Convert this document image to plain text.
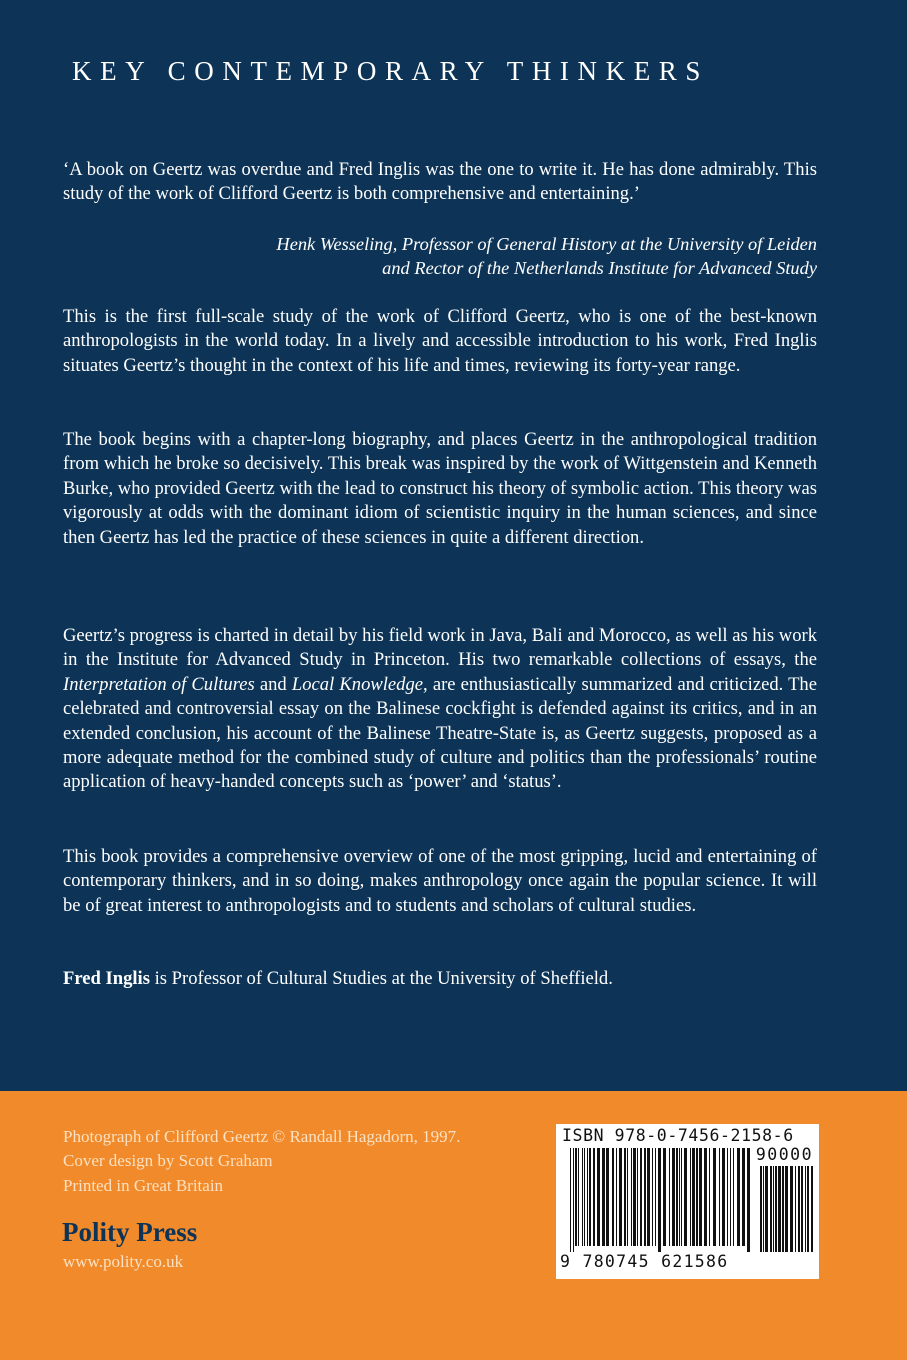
KEY CONTEMPORARY THINKERS
‘A book on Geertz was overdue and Fred Inglis was the one to write it. He has done admirably. This study of the work of Clifford Geertz is both comprehensive and entertaining.’
Henk Wesseling, Professor of General History at the University of Leiden
and Rector of the Netherlands Institute for Advanced Study
This is the first full-scale study of the work of Clifford Geertz, who is one of the best-known anthropologists in the world today. In a lively and accessible introduction to his work, Fred Inglis situates Geertz’s thought in the context of his life and times, reviewing its forty-year range.
The book begins with a chapter-long biography, and places Geertz in the anthropological tradition from which he broke so decisively. This break was inspired by the work of Wittgenstein and Kenneth Burke, who provided Geertz with the lead to construct his theory of symbolic action. This theory was vigorously at odds with the dominant idiom of scientistic inquiry in the human sciences, and since then Geertz has led the practice of these sciences in quite a different direction.
Geertz’s progress is charted in detail by his field work in Java, Bali and Morocco, as well as his work in the Institute for Advanced Study in Princeton. His two remarkable collections of essays, the Interpretation of Cultures and Local Knowledge, are enthusiastically summarized and criticized. The celebrated and controversial essay on the Balinese cockfight is defended against its critics, and in an extended conclusion, his account of the Balinese Theatre-State is, as Geertz suggests, proposed as a more adequate method for the combined study of culture and politics than the professionals’ routine application of heavy-handed concepts such as ‘power’ and ‘status’.
This book provides a comprehensive overview of one of the most gripping, lucid and entertaining of contemporary thinkers, and in so doing, makes anthropology once again the popular science. It will be of great interest to anthropologists and to students and scholars of cultural studies.
Fred Inglis is Professor of Cultural Studies at the University of Sheffield.
Photograph of Clifford Geertz © Randall Hagadorn, 1997.
Cover design by Scott Graham
Printed in Great Britain
Polity Press
www.polity.co.uk
ISBN 978-0-7456-2158-6
90000
9 780745 621586
